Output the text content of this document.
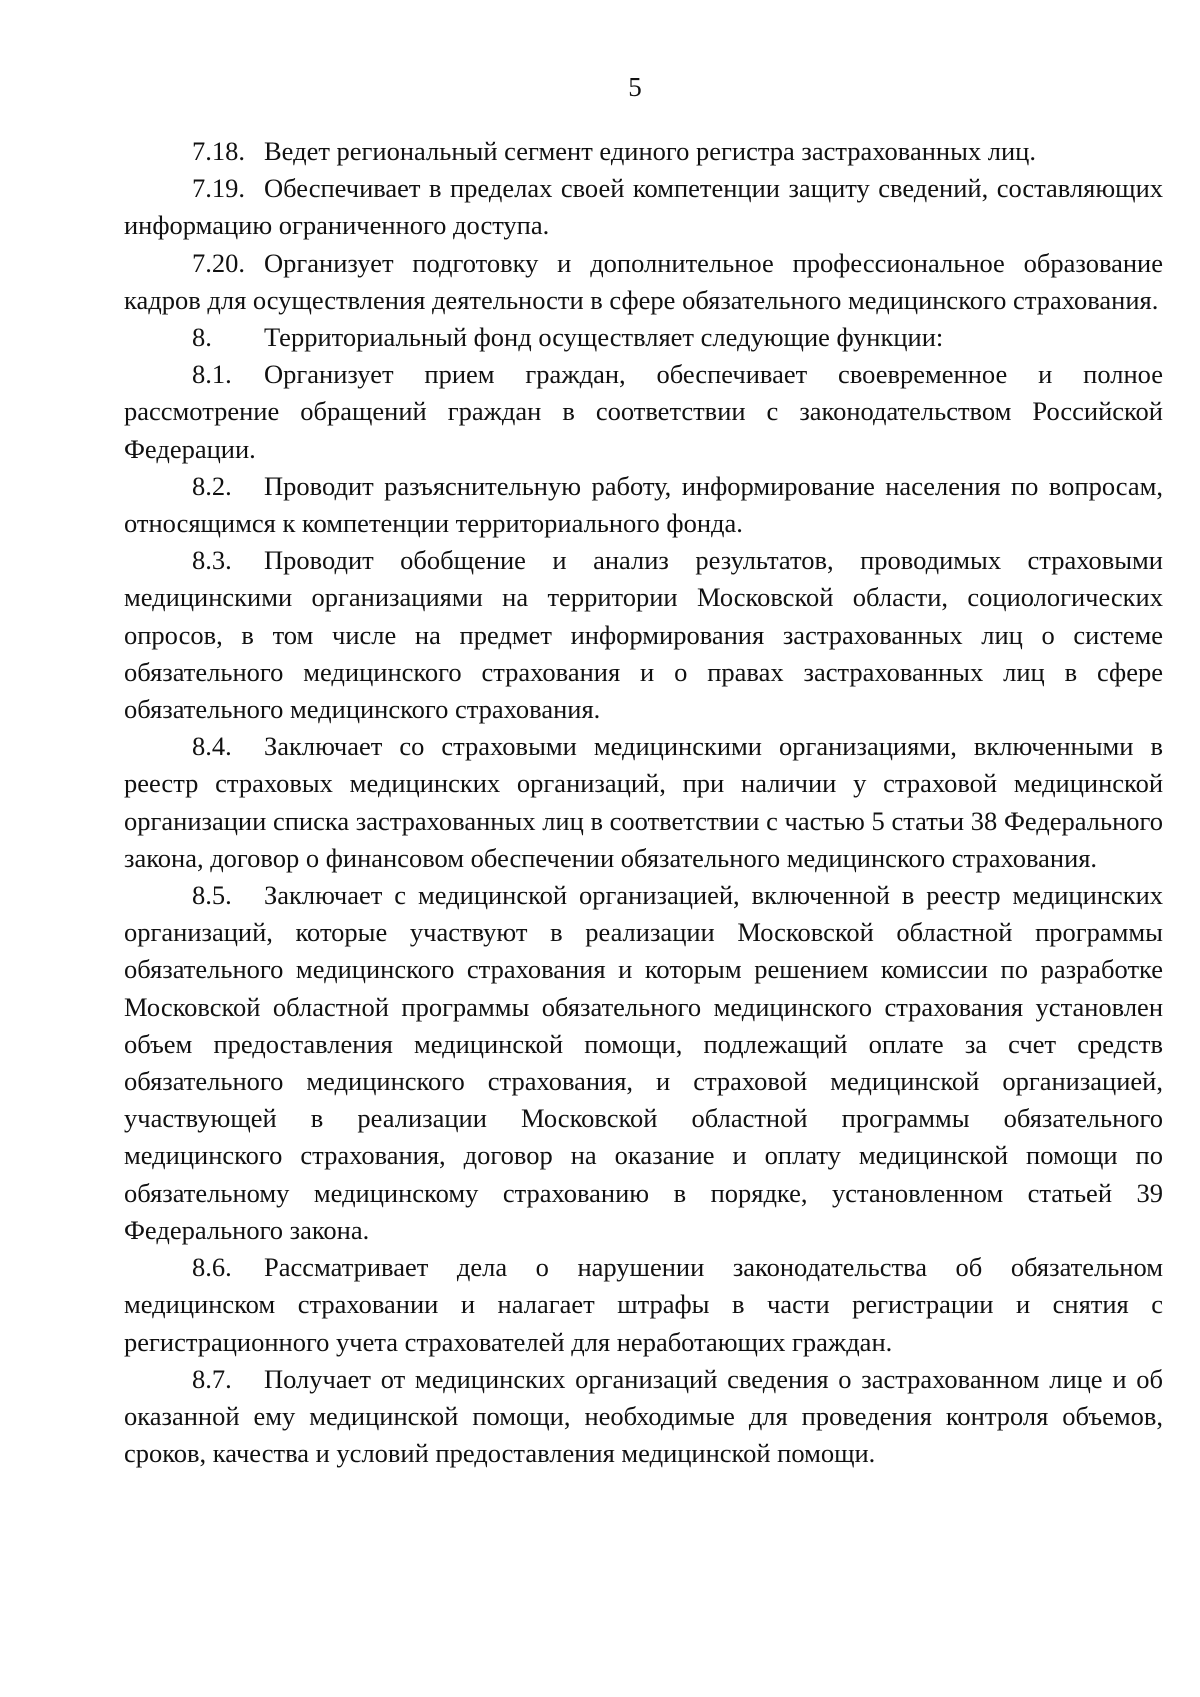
5

7.18. Ведет региональный сегмент единого регистра застрахованных лиц.

7.19. Обеспечивает в пределах своей компетенции защиту сведений, составляющих информацию ограниченного доступа.

7.20. Организует подготовку и дополнительное профессиональное образование кадров для осуществления деятельности в сфере обязательного медицинского страхования.

8. Территориальный фонд осуществляет следующие функции:

8.1. Организует прием граждан, обеспечивает своевременное и полное рассмотрение обращений граждан в соответствии с законодательством Российской Федерации.

8.2. Проводит разъяснительную работу, информирование населения по вопросам, относящимся к компетенции территориального фонда.

8.3. Проводит обобщение и анализ результатов, проводимых страховыми медицинскими организациями на территории Московской области, социологических опросов, в том числе на предмет информирования застрахованных лиц о системе обязательного медицинского страхования и о правах застрахованных лиц в сфере обязательного медицинского страхования.

8.4. Заключает со страховыми медицинскими организациями, включенными в реестр страховых медицинских организаций, при наличии у страховой медицинской организации списка застрахованных лиц в соответствии с частью 5 статьи 38 Федерального закона, договор о финансовом обеспечении обязательного медицинского страхования.

8.5. Заключает с медицинской организацией, включенной в реестр медицинских организаций, которые участвуют в реализации Московской областной программы обязательного медицинского страхования и которым решением комиссии по разработке Московской областной программы обязательного медицинского страхования установлен объем предоставления медицинской помощи, подлежащий оплате за счет средств обязательного медицинского страхования, и страховой медицинской организацией, участвующей в реализации Московской областной программы обязательного медицинского страхования, договор на оказание и оплату медицинской помощи по обязательному медицинскому страхованию в порядке, установленном статьей 39 Федерального закона.

8.6. Рассматривает дела о нарушении законодательства об обязательном медицинском страховании и налагает штрафы в части регистрации и снятия с регистрационного учета страхователей для неработающих граждан.

8.7. Получает от медицинских организаций сведения о застрахованном лице и об оказанной ему медицинской помощи, необходимые для проведения контроля объемов, сроков, качества и условий предоставления медицинской помощи.
